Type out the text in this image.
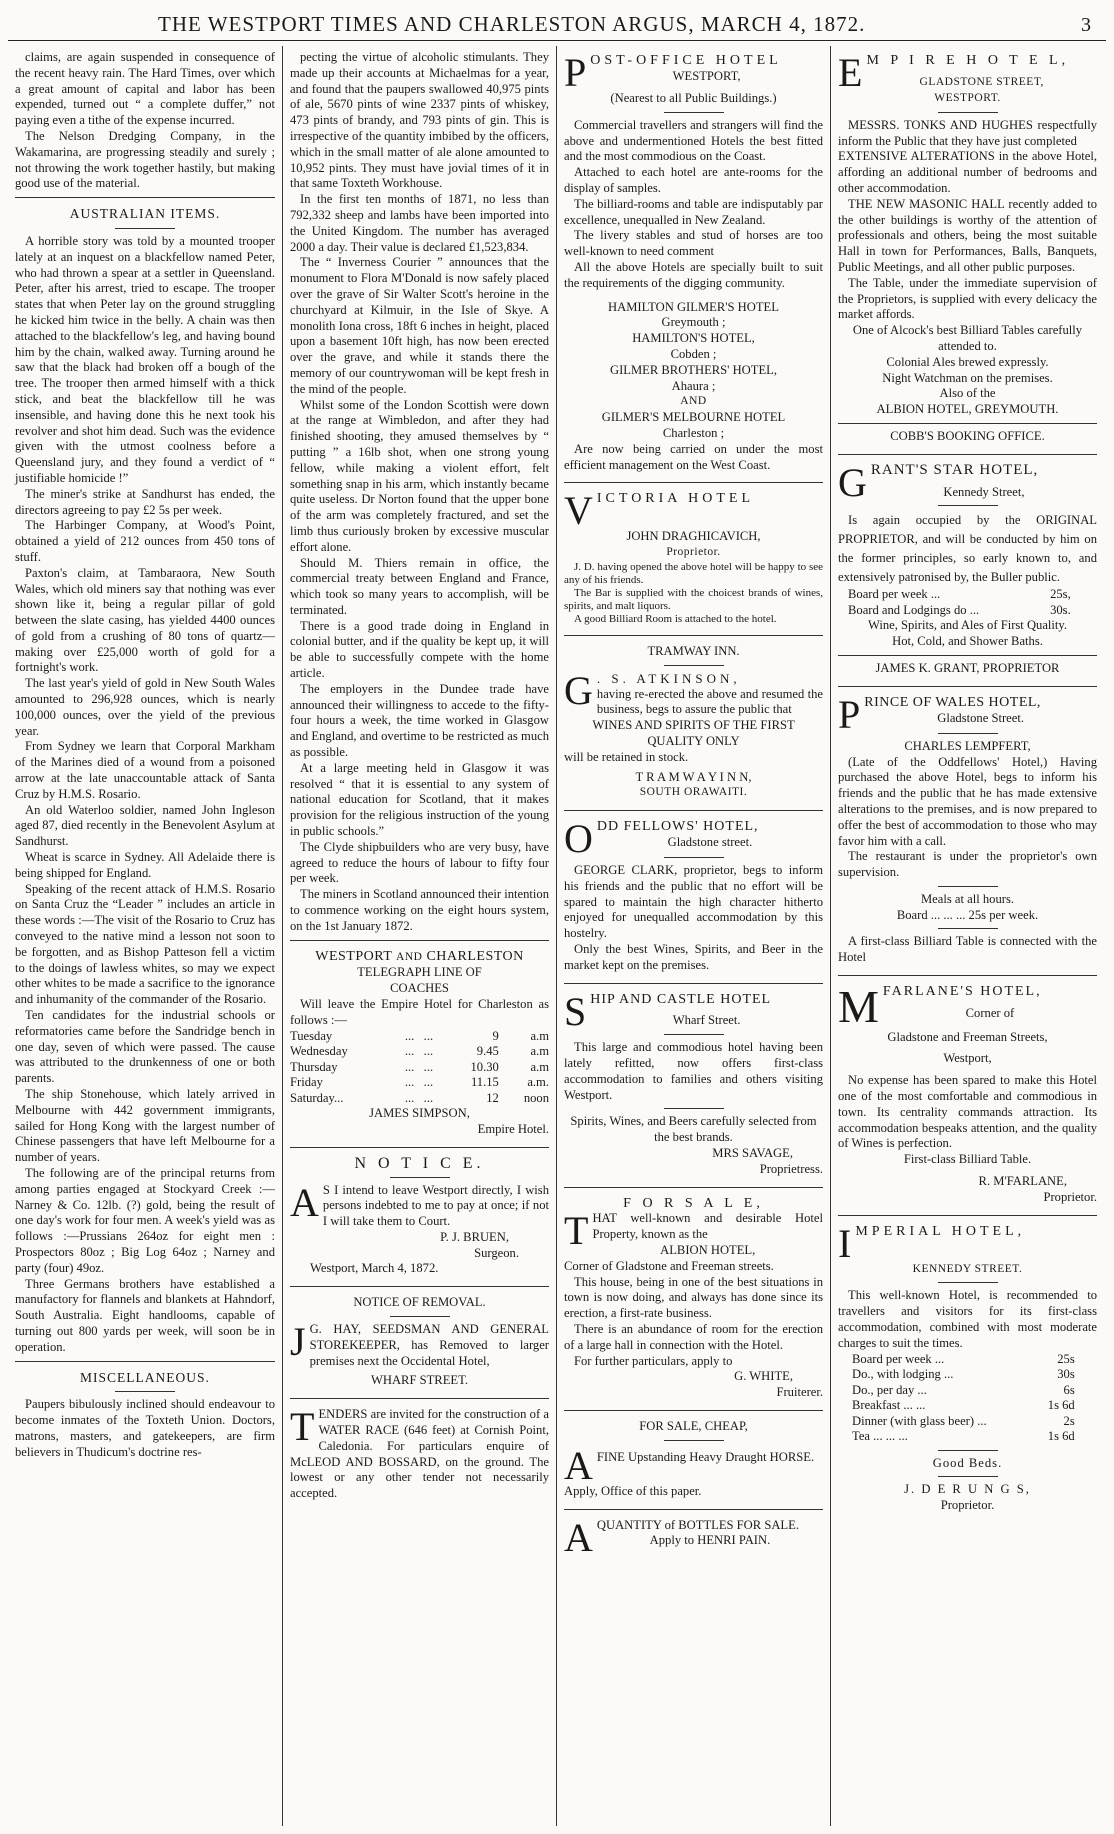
THE WESTPORT TIMES AND CHARLESTON ARGUS, MARCH 4, 1872.	3

claims, are again suspended in consequence of the recent heavy rain. The Hard Times, over which a great amount of capital and labor has been expended, turned out “ a complete duffer,” not paying even a tithe of the expense incurred.

The Nelson Dredging Company, in the Wakamarina, are progressing steadily and surely ; not throwing the work together hastily, but making good use of the material.

AUSTRALIAN ITEMS.

A horrible story was told by a mounted trooper lately at an inquest on a blackfellow named Peter, who had thrown a spear at a settler in Queensland. Peter, after his arrest, tried to escape. The trooper states that when Peter lay on the ground struggling he kicked him twice in the belly. A chain was then attached to the blackfellow's leg, and having bound him by the chain, walked away. Turning around he saw that the black had broken off a bough of the tree. The trooper then armed himself with a thick stick, and beat the blackfellow till he was insensible, and having done this he next took his revolver and shot him dead. Such was the evidence given with the utmost coolness before a Queensland jury, and they found a verdict of “ justifiable homicide !”

The miner's strike at Sandhurst has ended, the directors agreeing to pay £2 5s per week.

The Harbinger Company, at Wood's Point, obtained a yield of 212 ounces from 450 tons of stuff.

Paxton's claim, at Tambaraora, New South Wales, which old miners say that nothing was ever shown like it, being a regular pillar of gold between the slate casing, has yielded 4400 ounces of gold from a crushing of 80 tons of quartz—making over £25,000 worth of gold for a fortnight's work.

The last year's yield of gold in New South Wales amounted to 296,928 ounces, which is nearly 100,000 ounces, over the yield of the previous year.

From Sydney we learn that Corporal Markham of the Marines died of a wound from a poisoned arrow at the late unaccountable attack of Santa Cruz by H.M.S. Rosario.

An old Waterloo soldier, named John Ingleson aged 87, died recently in the Benevolent Asylum at Sandhurst.

Wheat is scarce in Sydney. All Adelaide there is being shipped for England.

Speaking of the recent attack of H.M.S. Rosario on Santa Cruz the “Leader ” includes an article in these words :—The visit of the Rosario to Cruz has conveyed to the native mind a lesson not soon to be forgotten, and as Bishop Patteson fell a victim to the doings of lawless whites, so may we expect other whites to be made a sacrifice to the ignorance and inhumanity of the commander of the Rosario.

Ten candidates for the industrial schools or reformatories came before the Sandridge bench in one day, seven of which were passed. The cause was attributed to the drunkenness of one or both parents.

The ship Stonehouse, which lately arrived in Melbourne with 442 government immigrants, sailed for Hong Kong with the largest number of Chinese passengers that have left Melbourne for a number of years.

The following are of the principal returns from among parties engaged at Stockyard Creek :—Narney & Co. 12lb. (?) gold, being the result of one day's work for four men. A week's yield was as follows :—Prussians 264oz for eight men : Prospectors 80oz ; Big Log 64oz ; Narney and party (four) 49oz.

Three Germans brothers have established a manufactory for flannels and blankets at Hahndorf, South Australia. Eight handlooms, capable of turning out 800 yards per week, will soon be in operation.

MISCELLANEOUS.

Paupers bibulously inclined should endeavour to become inmates of the Toxteth Union. Doctors, matrons, masters, and gatekeepers, are firm believers in Thudicum's doctrine res-

pecting the virtue of alcoholic stimulants. They made up their accounts at Michaelmas for a year, and found that the paupers swallowed 40,975 pints of ale, 5670 pints of wine 2337 pints of whiskey, 473 pints of brandy, and 793 pints of gin. This is irrespective of the quantity imbibed by the officers, which in the small matter of ale alone amounted to 10,952 pints. They must have jovial times of it in that same Toxteth Workhouse.

In the first ten months of 1871, no less than 792,332 sheep and lambs have been imported into the United Kingdom. The number has averaged 2000 a day. Their value is declared £1,523,834.

The “ Inverness Courier ” announces that the monument to Flora M'Donald is now safely placed over the grave of Sir Walter Scott's heroine in the churchyard at Kilmuir, in the Isle of Skye. A monolith Iona cross, 18ft 6 inches in height, placed upon a basement 10ft high, has now been erected over the grave, and while it stands there the memory of our countrywoman will be kept fresh in the mind of the people.

Whilst some of the London Scottish were down at the range at Wimbledon, and after they had finished shooting, they amused themselves by “ putting ” a 16lb shot, when one strong young fellow, while making a violent effort, felt something snap in his arm, which instantly became quite useless. Dr Norton found that the upper bone of the arm was completely fractured, and set the limb thus curiously broken by excessive muscular effort alone.

Should M. Thiers remain in office, the commercial treaty between England and France, which took so many years to accomplish, will be terminated.

There is a good trade doing in England in colonial butter, and if the quality be kept up, it will be able to successfully compete with the home article.

The employers in the Dundee trade have announced their willingness to accede to the fifty-four hours a week, the time worked in Glasgow and England, and overtime to be restricted as much as possible.

At a large meeting held in Glasgow it was resolved “ that it is essential to any system of national education for Scotland, that it makes provision for the religious instruction of the young in public schools.”

The Clyde shipbuilders who are very busy, have agreed to reduce the hours of labour to fifty four per week.

The miners in Scotland announced their intention to commence working on the eight hours system, on the 1st January 1872.

WESTPORT AND CHARLESTON
TELEGRAPH LINE OF
COACHES

Will leave the Empire Hotel for Charleston as follows :—

Tuesday	...	...	9	a.m
Wednesday	...	...	9.45	a.m
Thursday	...	...	10.30	a.m
Friday	...	...	11.15	a.m.
Saturday...	...	...	12	noon
JAMES SIMPSON,
Empire Hotel.
N O T I C E.
A S I intend to leave Westport directly, I wish persons indebted to me to pay at once; if not I will take them to Court.

P. J. BRUEN,
Surgeon.
Westport, March 4, 1872.
NOTICE OF REMOVAL.
J G. HAY, SEEDSMAN AND GENERAL STOREKEEPER, has Removed to larger premises next the Occidental Hotel,

WHARF STREET.
T ENDERS are invited for the construction of a WATER RACE (646 feet) at Cornish Point, Caledonia. For particulars enquire of McLEOD AND BOSSARD, on the ground. The lowest or any other tender not necessarily accepted.

POST-OFFICE HOTEL
WESTPORT,
(Nearest to all Public Buildings.)

Commercial travellers and strangers will find the above and undermentioned Hotels the best fitted and the most commodious on the Coast.

Attached to each hotel are ante-rooms for the display of samples.

The billiard-rooms and table are indisputably par excellence, unequalled in New Zealand.

The livery stables and stud of horses are too well-known to need comment

All the above Hotels are specially built to suit the requirements of the digging community.

HAMILTON GILMER'S HOTEL
Greymouth ;
HAMILTON'S HOTEL,
Cobden ;
GILMER BROTHERS' HOTEL,
Ahaura ;
AND
GILMER'S MELBOURNE HOTEL
Charleston ;

Are now being carried on under the most efficient management on the West Coast.

VICTORIA HOTEL
JOHN DRAGHICAVICH,
Proprietor.

J. D. having opened the above hotel will be happy to see any of his friends.

The Bar is supplied with the choicest brands of wines, spirits, and malt liquors.

A good Billiard Room is attached to the hotel.

TRAMWAY INN.
G . S. ATKINSON,

having re-erected the above and resumed the business, begs to assure the public that

WINES AND SPIRITS OF THE FIRST QUALITY ONLY
will be retained in stock.
T R A M W A Y I N N,
SOUTH ORAWAITI.
ODD FELLOWS' HOTEL,
Gladstone street.

GEORGE CLARK, proprietor, begs to inform his friends and the public that no effort will be spared to maintain the high character hitherto enjoyed for unequalled accommodation by this hostelry.

Only the best Wines, Spirits, and Beer in the market kept on the premises.

SHIP AND CASTLE HOTEL
Wharf Street.

This large and commodious hotel having been lately refitted, now offers first-class accommodation to families and others visiting Westport.

Spirits, Wines, and Beers carefully selected from the best brands.
MRS SAVAGE,
Proprietress.
F O R S A L E,
T HAT well-known and desirable Hotel Property, known as the

ALBION HOTEL,
Corner of Gladstone and Freeman streets.

This house, being in one of the best situations in town is now doing, and always has done since its erection, a first-rate business.

There is an abundance of room for the erection of a large hall in connection with the Hotel.

For further particulars, apply to

G. WHITE,
Fruiterer.
FOR SALE, CHEAP,
A FINE Upstanding Heavy Draught HORSE.

Apply, Office of this paper.
A QUANTITY of BOTTLES FOR SALE.

Apply to HENRI PAIN.
E M P I R E H O T E L,
GLADSTONE STREET,
WESTPORT.

MESSRS. TONKS AND HUGHES respectfully inform the Public that they have just completed

EXTENSIVE ALTERATIONS in the above Hotel, affording an additional number of bedrooms and other accommodation.

THE NEW MASONIC HALL recently added to the other buildings is worthy of the attention of professionals and others, being the most suitable Hall in town for Performances, Balls, Banquets, Public Meetings, and all other public purposes.

The Table, under the immediate supervision of the Proprietors, is supplied with every delicacy the market affords.

One of Alcock's best Billiard Tables carefully attended to.
Colonial Ales brewed expressly.
Night Watchman on the premises.
Also of the
ALBION HOTEL, GREYMOUTH.
COBB'S BOOKING OFFICE.
GRANT'S STAR HOTEL,
Kennedy Street,

Is again occupied by the ORIGINAL PROPRIETOR, and will be conducted by him on the former principles, so early known to, and extensively patronised by, the Buller public.

Board per week ...	25s,
Board and Lodgings do ...	30s.
Wine, Spirits, and Ales of First Quality.
Hot, Cold, and Shower Baths.
JAMES K. GRANT, PROPRIETOR
PRINCE OF WALES HOTEL,
Gladstone Street.
CHARLES LEMPFERT,

(Late of the Oddfellows' Hotel,) Having purchased the above Hotel, begs to inform his friends and the public that he has made extensive alterations to the premises, and is now prepared to offer the best of accommodation to those who may favor him with a call.

The restaurant is under the proprietor's own supervision.

Meals at all hours.
Board ... ... ... 25s per week.

A first-class Billiard Table is connected with the Hotel

MFARLANE'S HOTEL,
Corner of
Gladstone and Freeman Streets,
Westport,

No expense has been spared to make this Hotel one of the most comfortable and commodious in town. Its centrality commands attraction. Its accommodation bespeaks attention, and the quality of Wines is perfection.

First-class Billiard Table.
R. M'FARLANE,
Proprietor.
IMPERIAL HOTEL,
KENNEDY STREET.

This well-known Hotel, is recommended to travellers and visitors for its first-class accommodation, combined with most moderate charges to suit the times.

Board per week ...	25s
Do., with lodging ...	30s
Do., per day ...	6s
Breakfast ... ...	1s 6d
Dinner (with glass beer) ...	2s
Tea ... ... ...	1s 6d
Good Beds.
J. D E R U N G S,
Proprietor.
